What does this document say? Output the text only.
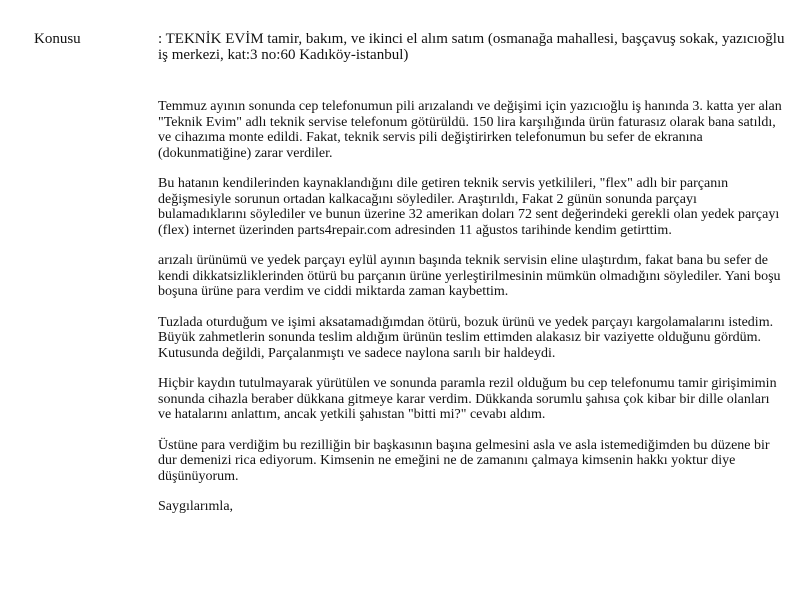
Konusu	: TEKNİK EVİM tamir, bakım, ve ikinci el alım satım (osmanağa mahallesi, başçavuş sokak, yazıcıoğlu iş merkezi, kat:3 no:60 Kadıköy-istanbul)

Temmuz ayının sonunda cep telefonumun pili arızalandı ve değişimi için yazıcıoğlu iş hanında 3. katta yer alan "Teknik Evim" adlı teknik servise telefonum götürüldü. 150 lira karşılığında ürün faturasız olarak bana satıldı, ve cihazıma monte edildi. Fakat, teknik servis pili değiştirirken telefonumun bu sefer de ekranına (dokunmatiğine) zarar verdiler.

Bu hatanın kendilerinden kaynaklandığını dile getiren teknik servis yetkilileri, "flex" adlı bir parçanın değişmesiyle sorunun ortadan kalkacağını söylediler. Araştırıldı, Fakat 2 günün sonunda parçayı bulamadıklarını söylediler ve bunun üzerine 32 amerikan doları 72 sent değerindeki gerekli olan yedek parçayı (flex) internet üzerinden parts4repair.com adresinden 11 ağustos tarihinde kendim getirttim.

arızalı ürünümü ve yedek parçayı eylül ayının başında teknik servisin eline ulaştırdım, fakat bana bu sefer de kendi dikkatsizliklerinden ötürü bu parçanın ürüne yerleştirilmesinin mümkün olmadığını söylediler. Yani boşu boşuna ürüne para verdim ve ciddi miktarda zaman kaybettim.

Tuzlada oturduğum ve işimi aksatamadığımdan ötürü, bozuk ürünü ve yedek parçayı kargolamalarını istedim. Büyük zahmetlerin sonunda teslim aldığım ürünün teslim ettimden alakasız bir vaziyette olduğunu gördüm. Kutusunda değildi, Parçalanmıştı ve sadece naylona sarılı bir haldeydi.

Hiçbir kaydın tutulmayarak yürütülen ve sonunda paramla rezil olduğum bu cep telefonumu tamir girişimimin sonunda cihazla beraber dükkana gitmeye karar verdim. Dükkanda sorumlu şahısa çok kibar bir dille olanları ve hatalarını anlattım, ancak yetkili şahıstan "bitti mi?" cevabı aldım.

Üstüne para verdiğim bu rezilliğin bir başkasının başına gelmesini asla ve asla istemediğimden bu düzene bir dur demenizi rica ediyorum. Kimsenin ne emeğini ne de zamanını çalmaya kimsenin hakkı yoktur diye düşünüyorum.

Saygılarımla,
